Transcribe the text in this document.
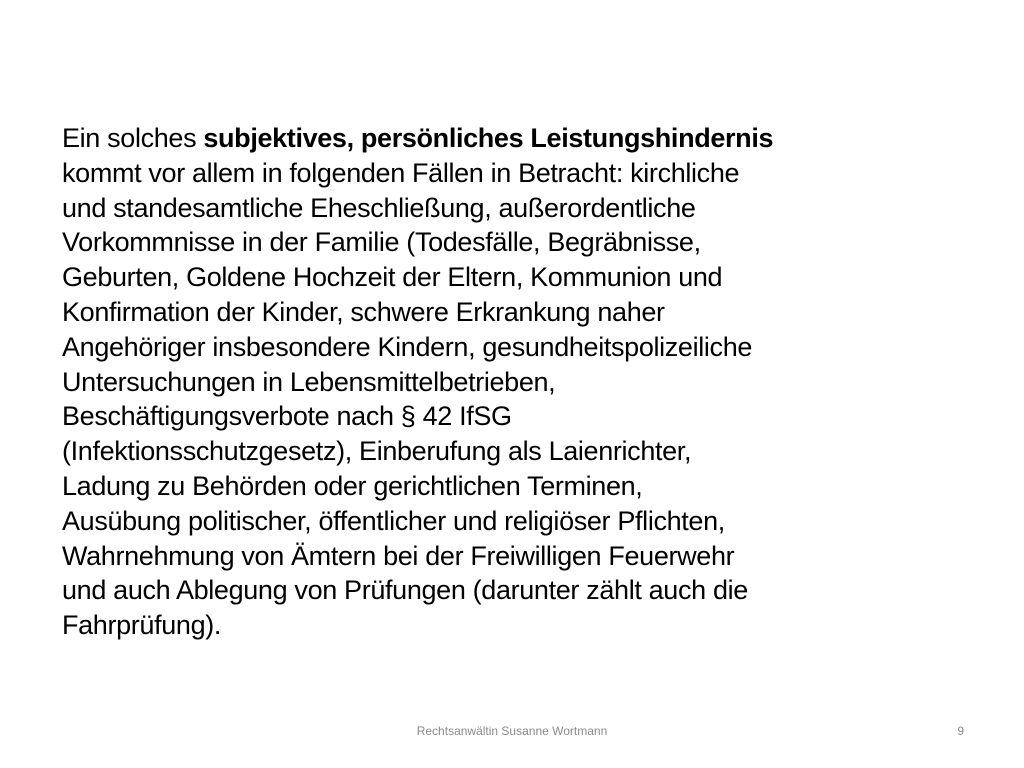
Ein solches subjektives, persönliches Leistungshindernis
kommt vor allem in folgenden Fällen in Betracht: kirchliche
und standesamtliche Eheschließung, außerordentliche
Vorkommnisse in der Familie (Todesfälle, Begräbnisse,
Geburten, Goldene Hochzeit der Eltern, Kommunion und
Konfirmation der Kinder, schwere Erkrankung naher
Angehöriger insbesondere Kindern, gesundheitspolizeiliche
Untersuchungen in Lebensmittelbetrieben,
Beschäftigungsverbote nach § 42 IfSG
(Infektionsschutzgesetz), Einberufung als Laienrichter,
Ladung zu Behörden oder gerichtlichen Terminen,
Ausübung politischer, öffentlicher und religiöser Pflichten,
Wahrnehmung von Ämtern bei der Freiwilligen Feuerwehr
und auch Ablegung von Prüfungen (darunter zählt auch die
Fahrprüfung).
Rechtsanwältin Susanne Wortmann	9
